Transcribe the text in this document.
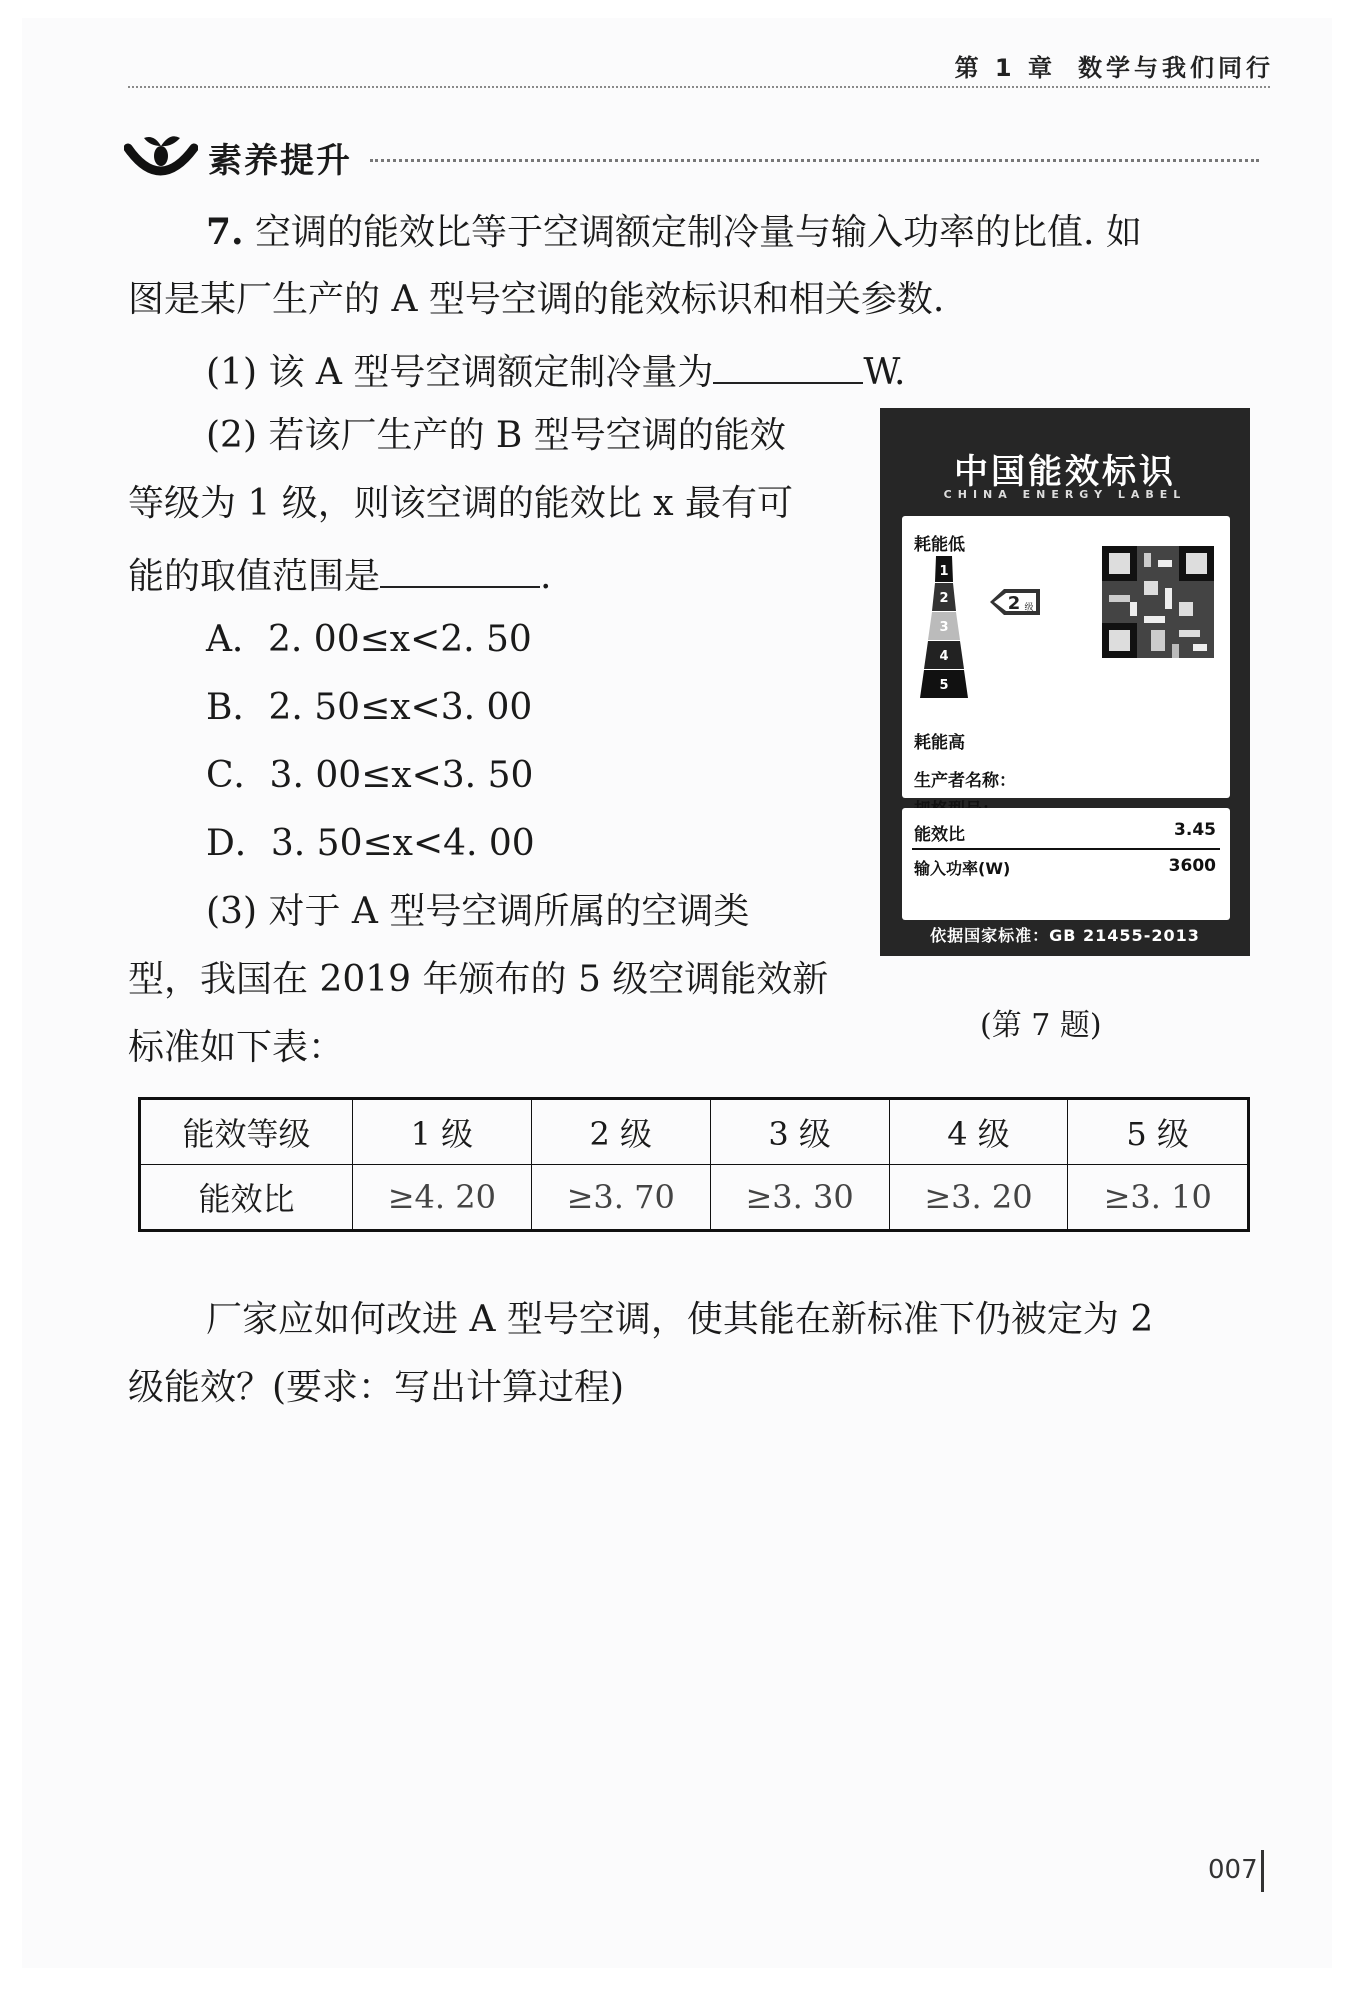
第 1 章 数学与我们同行
素养提升
7. 空调的能效比等于空调额定制冷量与输入功率的比值. 如
图是某厂生产的 A 型号空调的能效标识和相关参数.
(1) 该 A 型号空调额定制冷量为	W.
(2) 若该厂生产的 B 型号空调的能效
等级为 1 级，则该空调的能效比 x 最有可
能的取值范围是	.
A．2. 00≤x<2. 50
B．2. 50≤x<3. 00
C．3. 00≤x<3. 50
D．3. 50≤x<4. 00
(3) 对于 A 型号空调所属的空调类
型，我国在 2019 年颁布的 5 级空调能效新
标准如下表：
中国能效标识
CHINA ENERGY LABEL
耗能低
1
2
3
4
5
2 级
耗能高
生产者名称：
能效比	3.45
输入功率(W)	3600
依据国家标准：GB 21455-2013
(第 7 题)
能效等级	1 级	2 级	3 级	4 级	5 级
能效比	≥4. 20	≥3. 70	≥3. 30	≥3. 20	≥3. 10
厂家应如何改进 A 型号空调，使其能在新标准下仍被定为 2
级能效？(要求：写出计算过程)
007
